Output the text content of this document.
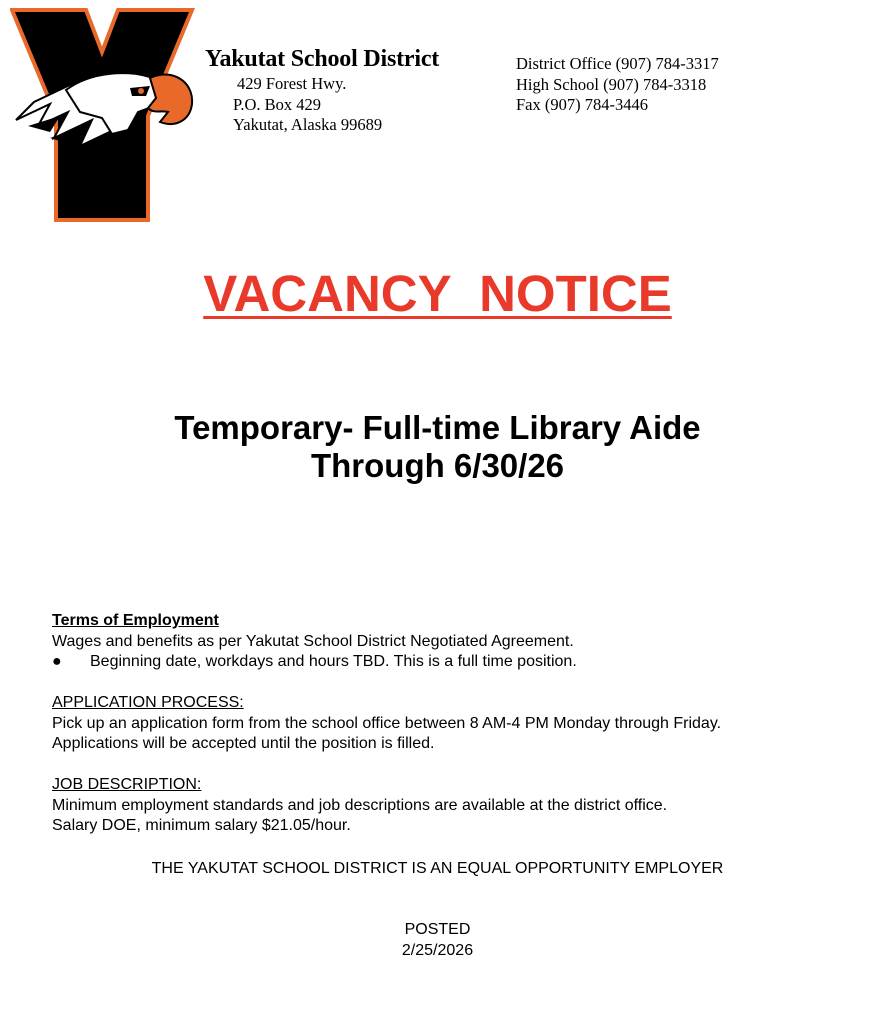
Yakutat School District
429 Forest Hwy.
P.O. Box 429
Yakutat, Alaska 99689
District Office (907) 784-3317
High School (907) 784-3318
Fax (907) 784-3446
VACANCY  NOTICE
Temporary- Full-time Library Aide
Through 6/30/26

Terms of Employment

Wages and benefits as per Yakutat School District Negotiated Agreement.

●	Beginning date, workdays and hours TBD. This is a full time position.

APPLICATION PROCESS:

Pick up an application form from the school office between 8 AM-4 PM Monday through Friday.

Applications will be accepted until the position is filled.

JOB DESCRIPTION:

Minimum employment standards and job descriptions are available at the district office.

Salary DOE, minimum salary $21.05/hour.

THE YAKUTAT SCHOOL DISTRICT IS AN EQUAL OPPORTUNITY EMPLOYER
POSTED
2/25/2026
